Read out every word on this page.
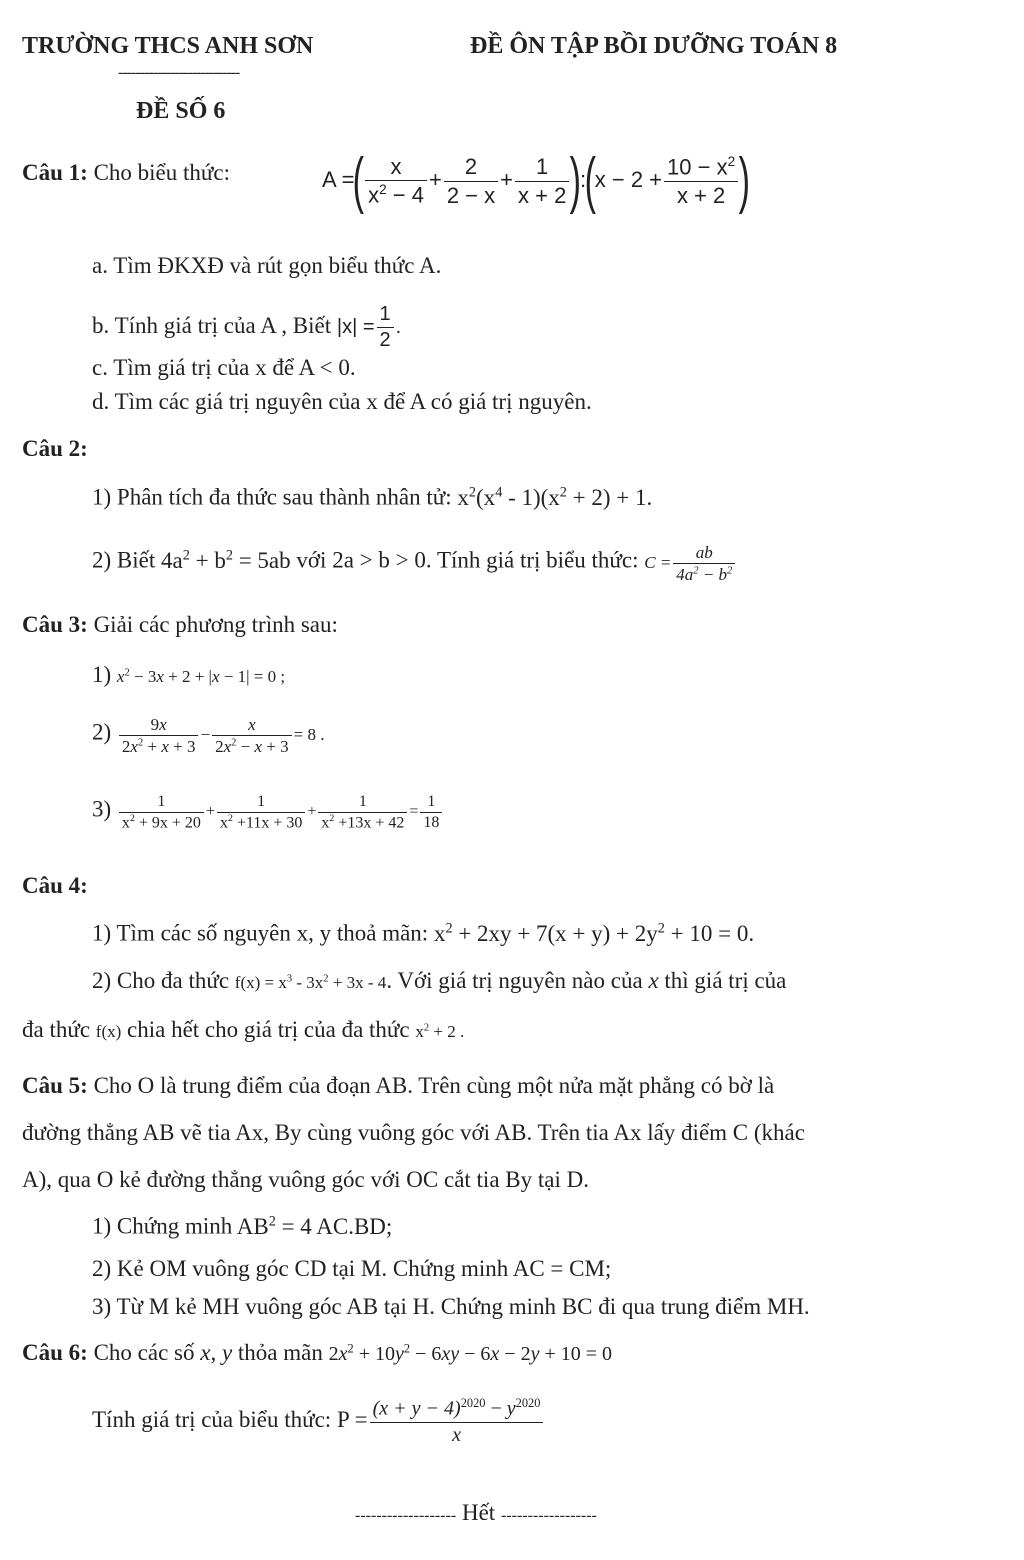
TRƯỜNG THCS ANH SƠN	ĐỀ ÔN TẬP BỒI DƯỠNG TOÁN 8
----------------------------
ĐỀ SỐ 6
Câu 1: Cho biểu thức:	A =( $\frac{x}{x^2 - 4} + \frac{2}{2 - x} + \frac{1}{x + 2}$ ):(x − $2 + \frac{10 - x^2}{x + 2}$ )
a. Tìm ĐKXĐ và rút gọn biểu thức A.
b. Tính giá trị của A , Biết $|x| = \frac{1}{2}$ .
c. Tìm giá trị của x để A < 0.
d. Tìm các giá trị nguyên của x để A có giá trị nguyên.
Câu 2:
1) Phân tích đa thức sau thành nhân tử: $x^2(x^4 - 1)(x^2 + 2) + 1$.
2) Biết $4a^2 + b^2 = 5ab$ với 2a > b > 0. Tính giá trị biểu thức: $C = \frac{ab}{4a^2 - b^2}$
Câu 3: Giải các phương trình sau:
1) $x^2 - 3x + 2 + |x - 1| = 0$ ;
$2) \frac{9x}{2x^2 + x + 3} - \frac{x}{2x^2 - x + 3} = 8$ .
$3) \frac{1}{x^2 + 9x + 20} + \frac{1}{x^2 +11x + 30} + \frac{1}{x^2 +13x + 42} = \frac{1}{18}$
Câu 4:
1) Tìm các số nguyên x, y thoả mãn: $x^2 + 2xy + 7(x + y) + 2y^2 + 10 = 0$.
2) Cho đa thức $f(x) = x^3 - 3x^2 + 3x - 4$. Với giá trị nguyên nào của x thì giá trị của
đa thức f(x) chia hết cho giá trị của đa thức $x^2 + 2$ .
Câu 5: Cho O là trung điểm của đoạn AB. Trên cùng một nửa mặt phẳng có bờ là
đường thẳng AB vẽ tia Ax, By cùng vuông góc với AB. Trên tia Ax lấy điểm C (khác
A), qua O kẻ đường thẳng vuông góc với OC cắt tia By tại D.
1) Chứng minh $AB^2 = 4$ AC.BD;
2) Kẻ OM vuông góc CD tại M. Chứng minh AC = CM;
3) Từ M kẻ MH vuông góc AB tại H. Chứng minh BC đi qua trung điểm MH.
Câu 6: Cho các số x, y thỏa mãn $2x^2 + 10y^2 - 6xy - 6x - 2y + 10 = 0$
Tính giá trị của biểu thức: $P = \frac{(x + y - 4)^{2020} - y^{2020}}{x}$
------------------- Hết ------------------
